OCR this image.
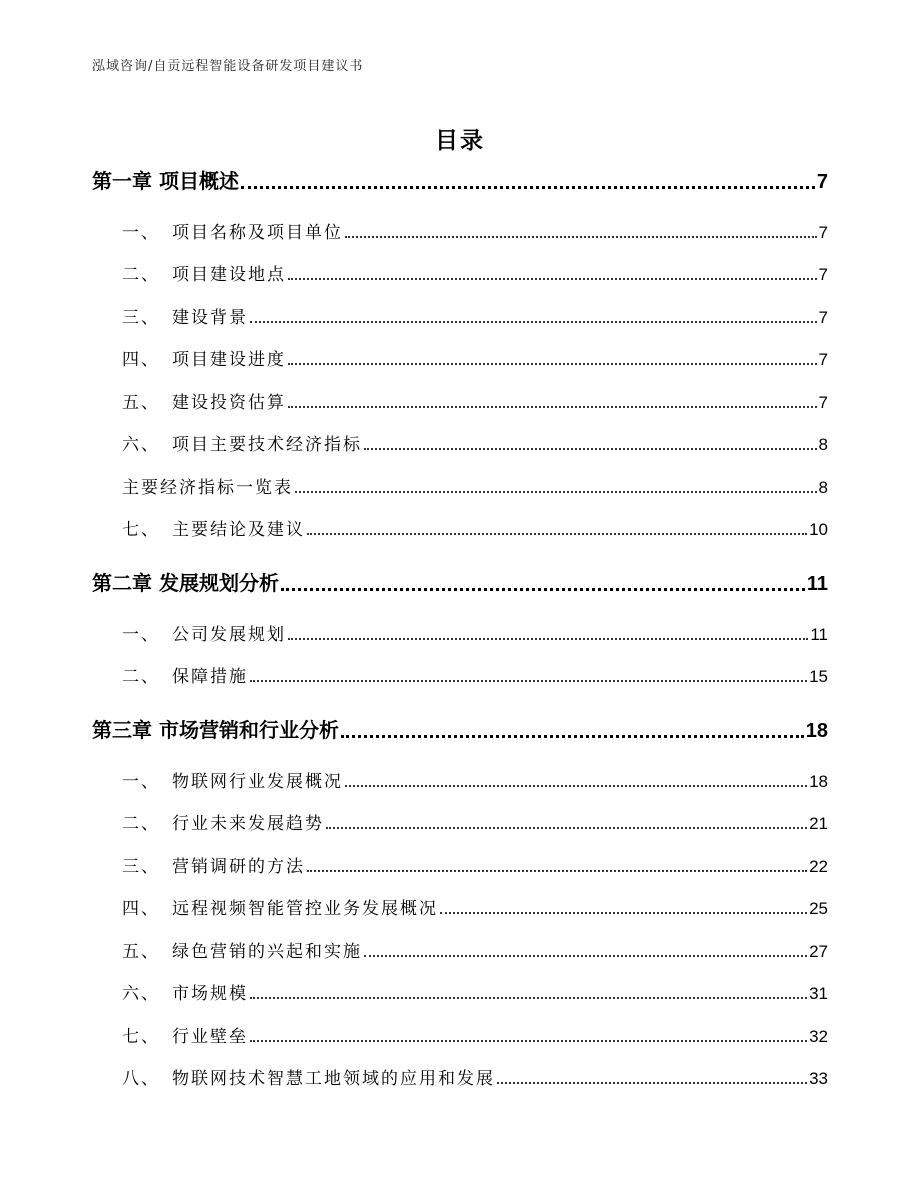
泓域咨询/自贡远程智能设备研发项目建议书
目录
第一章 项目概述	7
一、 项目名称及项目单位	7
二、 项目建设地点	7
三、 建设背景	7
四、 项目建设进度	7
五、 建设投资估算	7
六、 项目主要技术经济指标	8
主要经济指标一览表	8
七、 主要结论及建议	10
第二章 发展规划分析	11
一、 公司发展规划	11
二、 保障措施	15
第三章 市场营销和行业分析	18
一、 物联网行业发展概况	18
二、 行业未来发展趋势	21
三、 营销调研的方法	22
四、 远程视频智能管控业务发展概况	25
五、 绿色营销的兴起和实施	27
六、 市场规模	31
七、 行业壁垒	32
八、 物联网技术智慧工地领域的应用和发展	33
